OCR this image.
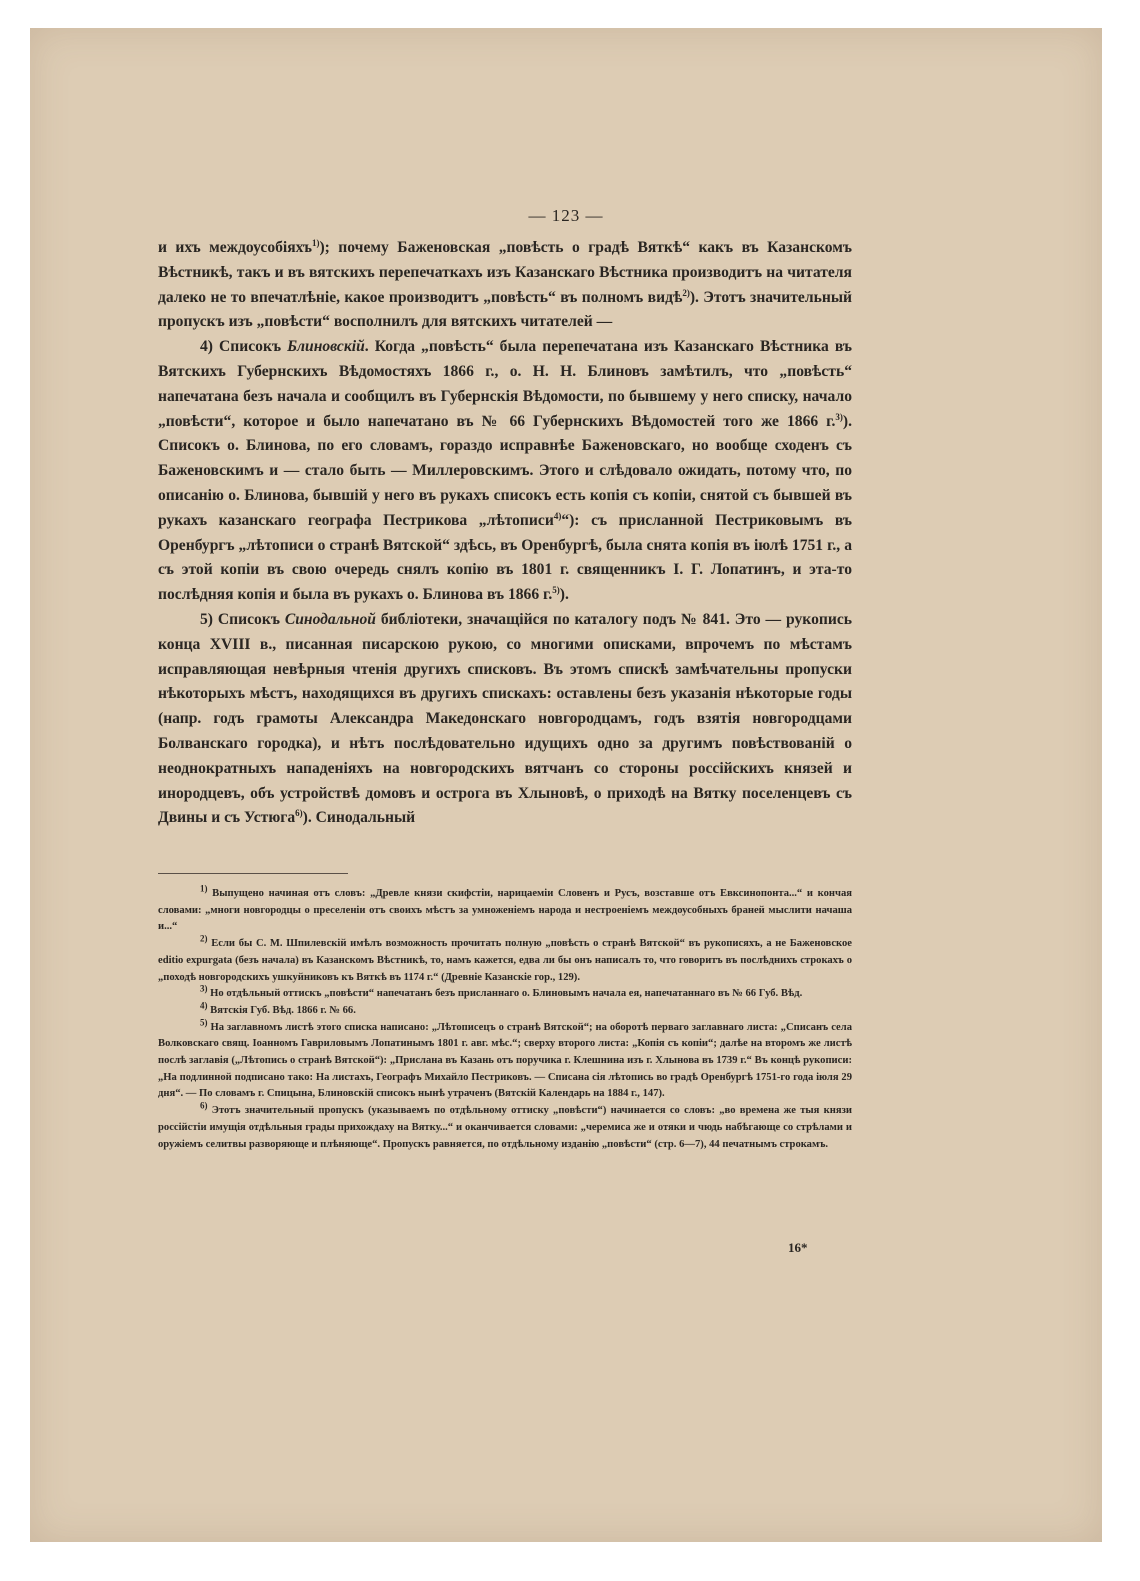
— 123 —

и ихъ междоусобіяхъ$^{1)}$); почему Баженовская „повѣсть о градѣ Вяткѣ“ какъ въ Казанскомъ Вѣстникѣ, такъ и въ вятскихъ перепечаткахъ изъ Казанскаго Вѣстника производитъ на читателя далеко не то впечатлѣніе, какое производитъ „повѣсть“ въ полномъ видѣ$^{2)}$). Этотъ значительный пропускъ изъ „повѣсти“ восполнилъ для вятскихъ читателей —

4) Списокъ Блиновскій. Когда „повѣсть“ была перепечатана изъ Казанскаго Вѣстника въ Вятскихъ Губернскихъ Вѣдомостяхъ 1866 г., о. Н. Н. Блиновъ замѣтилъ, что „повѣсть“ напечатана безъ начала и сообщилъ въ Губернскія Вѣдомости, по бывшему у него списку, начало „повѣсти“, которое и было напечатано въ № 66 Губернскихъ Вѣдомостей того же 1866 г.$^{3)}$). Списокъ о. Блинова, по его словамъ, гораздо исправнѣе Баженовскаго, но вообще сходенъ съ Баженовскимъ и — стало быть — Миллеровскимъ. Этого и слѣдовало ожидать, потому что, по описанію о. Блинова, бывшій у него въ рукахъ списокъ есть копія съ копіи, снятой съ бывшей въ рукахъ казанскаго географа Пестрикова „лѣтописи$^{4)}$“): съ присланной Пестриковымъ въ Оренбургъ „лѣтописи о странѣ Вятской“ здѣсь, въ Оренбургѣ, была снята копія въ іюлѣ 1751 г., а съ этой копіи въ свою очередь снялъ копію въ 1801 г. священникъ І. Г. Лопатинъ, и эта-то послѣдняя копія и была въ рукахъ о. Блинова въ 1866 г.$^{5)}$).

5) Списокъ Синодальной библіотеки, значащійся по каталогу подъ № 841. Это — рукопись конца XVIII в., писанная писарскою рукою, со многими описками, впрочемъ по мѣстамъ исправляющая невѣрныя чтенія другихъ списковъ. Въ этомъ спискѣ замѣчательны пропуски нѣкоторыхъ мѣстъ, находящихся въ другихъ спискахъ: оставлены безъ указанія нѣкоторые годы (напр. годъ грамоты Александра Македонскаго новгородцамъ, годъ взятія новгородцами Болванскаго городка), и нѣтъ послѣдовательно идущихъ одно за другимъ повѣствованій о неоднократныхъ нападеніяхъ на новгородскихъ вятчанъ со стороны россійскихъ князей и инородцевъ, объ устройствѣ домовъ и острога въ Хлыновѣ, о приходѣ на Вятку поселенцевъ съ Двины и съ Устюга$^{6)}$). Синодальный

$^{1)}$ Выпущено начиная отъ словъ: „Древле князи скифстіи, нарицаеміи Словенъ и Русъ, возставше отъ Евксинопонта...“ и кончая словами: „многи новгородцы о преселеніи отъ своихъ мѣстъ за умноженіемъ народа и нестроеніемъ междоусобныхъ браней мыслити начаша и...“

$^{2)}$ Если бы С. М. Шпилевскій имѣлъ возможность прочитать полную „повѣсть о странѣ Вятской“ въ рукописяхъ, а не Баженовское editio expurgata (безъ начала) въ Казанскомъ Вѣстникѣ, то, намъ кажется, едва ли бы онъ написалъ то, что говоритъ въ послѣднихъ строкахъ о „походѣ новгородскихъ ушкуйниковъ къ Вяткѣ въ 1174 г.“ (Древніе Казанскіе гор., 129).

$^{3)}$ Но отдѣльный оттискъ „повѣсти“ напечатанъ безъ присланнаго о. Блиновымъ начала ея, напечатаннаго въ № 66 Губ. Вѣд.

$^{4)}$ Вятскія Губ. Вѣд. 1866 г. № 66.

$^{5)}$ На заглавномъ листѣ этого списка написано: „Лѣтописецъ о странѣ Вятской“; на оборотѣ перваго заглавнаго листа: „Списанъ села Волковскаго свящ. Іоанномъ Гавриловымъ Лопатинымъ 1801 г. авг. мѣс.“; сверху второго листа: „Копія съ копіи“; далѣе на второмъ же листѣ послѣ заглавія („Лѣтопись о странѣ Вятской“): „Прислана въ Казань отъ поручика г. Клешнина изъ г. Хлынова въ 1739 г.“ Въ концѣ рукописи: „На подлинной подписано тако: На листахъ, Географъ Михайло Пестриковъ. — Списана сія лѣтопись во градѣ Оренбургѣ 1751-го года іюля 29 дня“. — По словамъ г. Спицына, Блиновскій списокъ нынѣ утраченъ (Вятскій Календарь на 1884 г., 147).

$^{6)}$ Этотъ значительный пропускъ (указываемъ по отдѣльному оттиску „повѣсти“) начинается со словъ: „во времена же тыя князи россійстіи имущія отдѣльныя грады прихождаху на Вятку...“ и оканчивается словами: „черемиса же и отяки и чюдь набѣгающе со стрѣлами и оружіемъ селитвы разворяюще и плѣняюще“. Пропускъ равняется, по отдѣльному изданію „повѣсти“ (стр. 6—7), 44 печатнымъ строкамъ.

16*
